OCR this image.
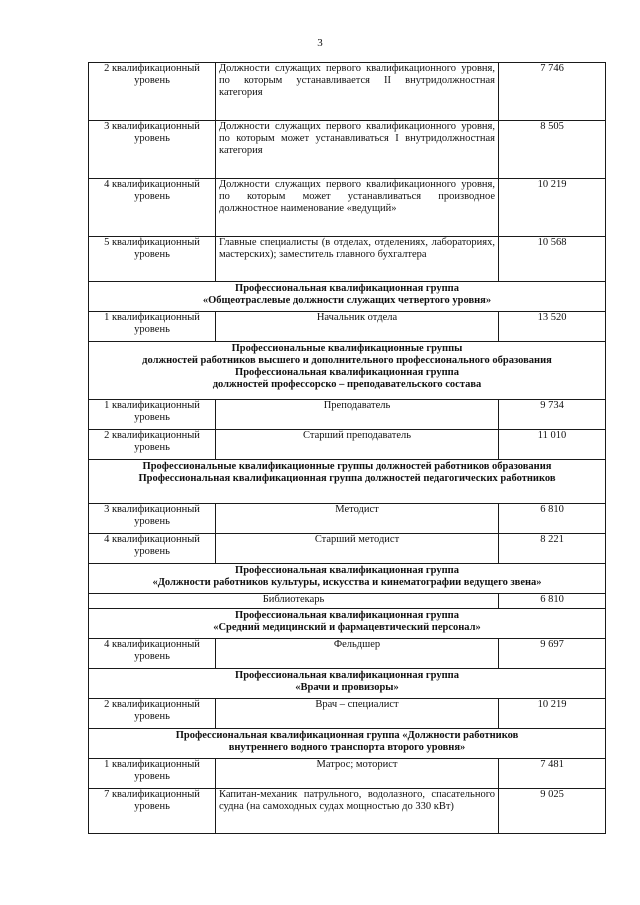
3
2 квалификационный уровень	Должности служащих первого квалификационного уровня, по которым устанавливается II внутридолжностная категория	7 746
3 квалификационный уровень	Должности служащих первого квалификационного уровня, по которым может устанавливаться I внутридолжностная категория	8 505
4 квалификационный уровень	Должности служащих первого квалификационного уровня, по которым может устанавливаться производное должностное наименование «ведущий»	10 219
5 квалификационный уровень	Главные специалисты (в отделах, отделениях, лабораториях, мастерских); заместитель главного бухгалтера	10 568

Профессиональная квалификационная группа
«Общеотраслевые должности служащих четвертого уровня»		

1 квалификационный уровень	Начальник отдела	13 520

Профессиональные квалификационные группы
должностей работников высшего и дополнительного профессионального образования
Профессиональная квалификационная группа
должностей профессорско – преподавательского состава		

1 квалификационный уровень	Преподаватель	9 734
2 квалификационный уровень	Старший преподаватель	11 010

Профессиональные квалификационные группы должностей работников образования
Профессиональная квалификационная группа должностей педагогических работников		

3 квалификационный уровень	Методист	6 810
4 квалификационный уровень	Старший методист	8 221

Профессиональная квалификационная группа
«Должности работников культуры, искусства и кинематографии ведущего звена»		

Библиотекарь		6 810

Профессиональная квалификационная группа
«Средний медицинский и фармацевтический персонал»		

4 квалификационный уровень	Фельдшер	9 697

Профессиональная квалификационная группа
«Врачи и провизоры»		

2 квалификационный уровень	Врач – специалист	10 219

Профессиональная квалификационная группа «Должности работников
внутреннего водного транспорта второго уровня»		

1 квалификационный уровень	Матрос; моторист	7 481
7 квалификационный уровень	Капитан-механик патрульного, водолазного, спасательного судна (на самоходных судах мощностью до 330 кВт)	9 025
